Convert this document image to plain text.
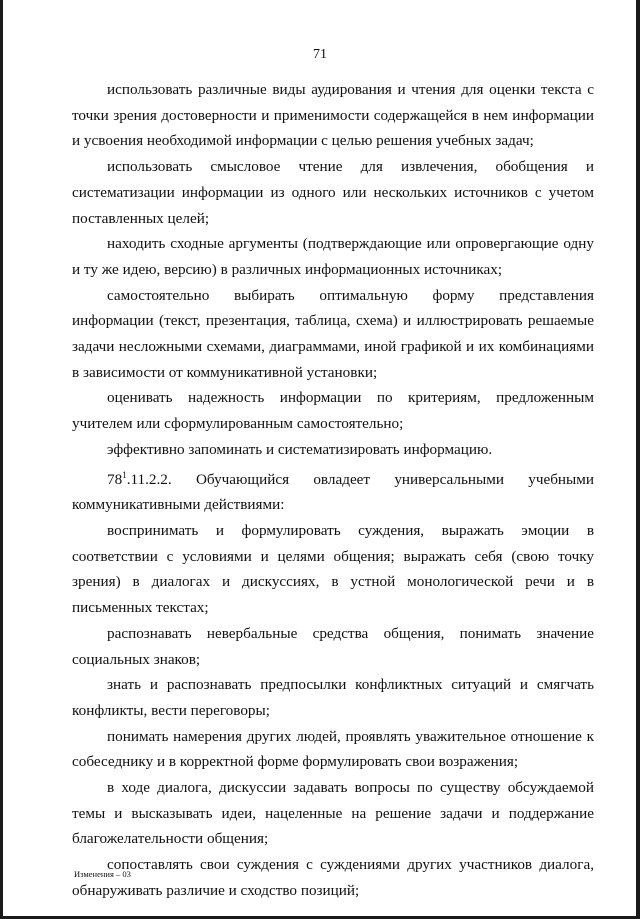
71

использовать различные виды аудирования и чтения для оценки текста с точки зрения достоверности и применимости содержащейся в нем информации и усвоения необходимой информации с целью решения учебных задач;

использовать смысловое чтение для извлечения, обобщения и систематизации информации из одного или нескольких источников с учетом поставленных целей;

находить сходные аргументы (подтверждающие или опровергающие одну и ту же идею, версию) в различных информационных источниках;

самостоятельно выбирать оптимальную форму представления информации (текст, презентация, таблица, схема) и иллюстрировать решаемые задачи несложными схемами, диаграммами, иной графикой и их комбинациями в зависимости от коммуникативной установки;

оценивать надежность информации по критериям, предложенным учителем или сформулированным самостоятельно;

эффективно запоминать и систематизировать информацию.

$78^1.11.2.2$. Обучающийся овладеет универсальными учебными коммуникативными действиями:

воспринимать и формулировать суждения, выражать эмоции в соответствии с условиями и целями общения; выражать себя (свою точку зрения) в диалогах и дискуссиях, в устной монологической речи и в письменных текстах;

распознавать невербальные средства общения, понимать значение социальных знаков;

знать и распознавать предпосылки конфликтных ситуаций и смягчать конфликты, вести переговоры;

понимать намерения других людей, проявлять уважительное отношение к собеседнику и в корректной форме формулировать свои возражения;

в ходе диалога, дискуссии задавать вопросы по существу обсуждаемой темы и высказывать идеи, нацеленные на решение задачи и поддержание благожелательности общения;

сопоставлять свои суждения с суждениями других участников диалога, обнаруживать различие и сходство позиций;

Изменения – 03
